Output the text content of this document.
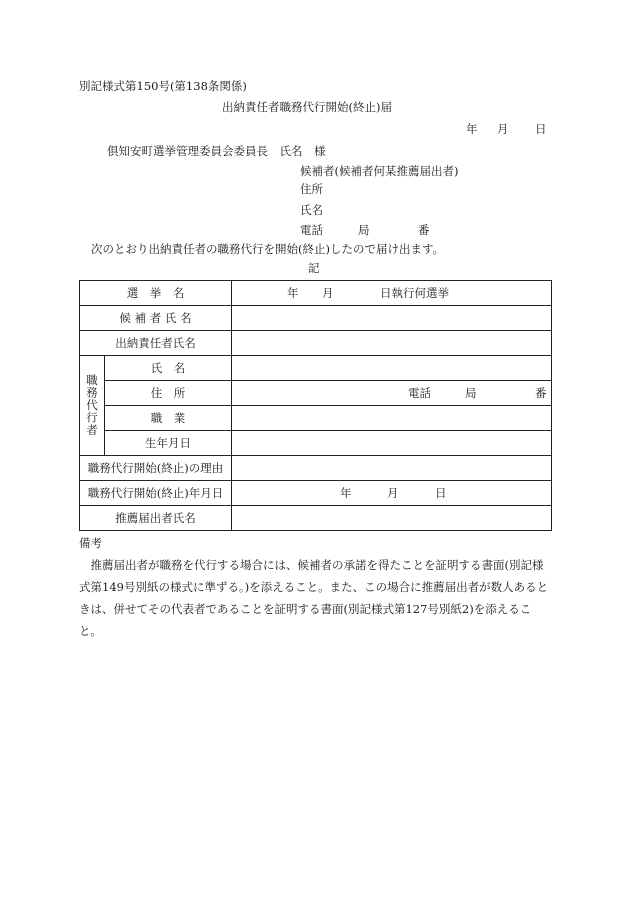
別記様式第150号(第138条関係)
出納責任者職務代行開始(終止)届
年 月 日
倶知安町選挙管理委員会委員長　氏名　様
候補者(候補者何某推薦届出者)
住所
氏名
電話	局	番
次のとおり出納責任者の職務代行を開始(終止)したので届け出ます。
記
選　挙　名		年 月 日執行何選挙

候 補 者 氏 名		
出納責任者氏名		
職務代行者	氏　名	
	住　所	電話 局 番

	職　業	
	生年月日	
職務代行開始(終止)の理由		
職務代行開始(終止)年月日		年 月 日

推薦届出者氏名		
備考

推薦届出者が職務を代行する場合には、候補者の承諾を得たことを証明する書面(別記様式第149号別紙の様式に準ずる。)を添えること。また、この場合に推薦届出者が数人あるときは、併せてその代表者であることを証明する書面(別記様式第127号別紙2)を添えること。
